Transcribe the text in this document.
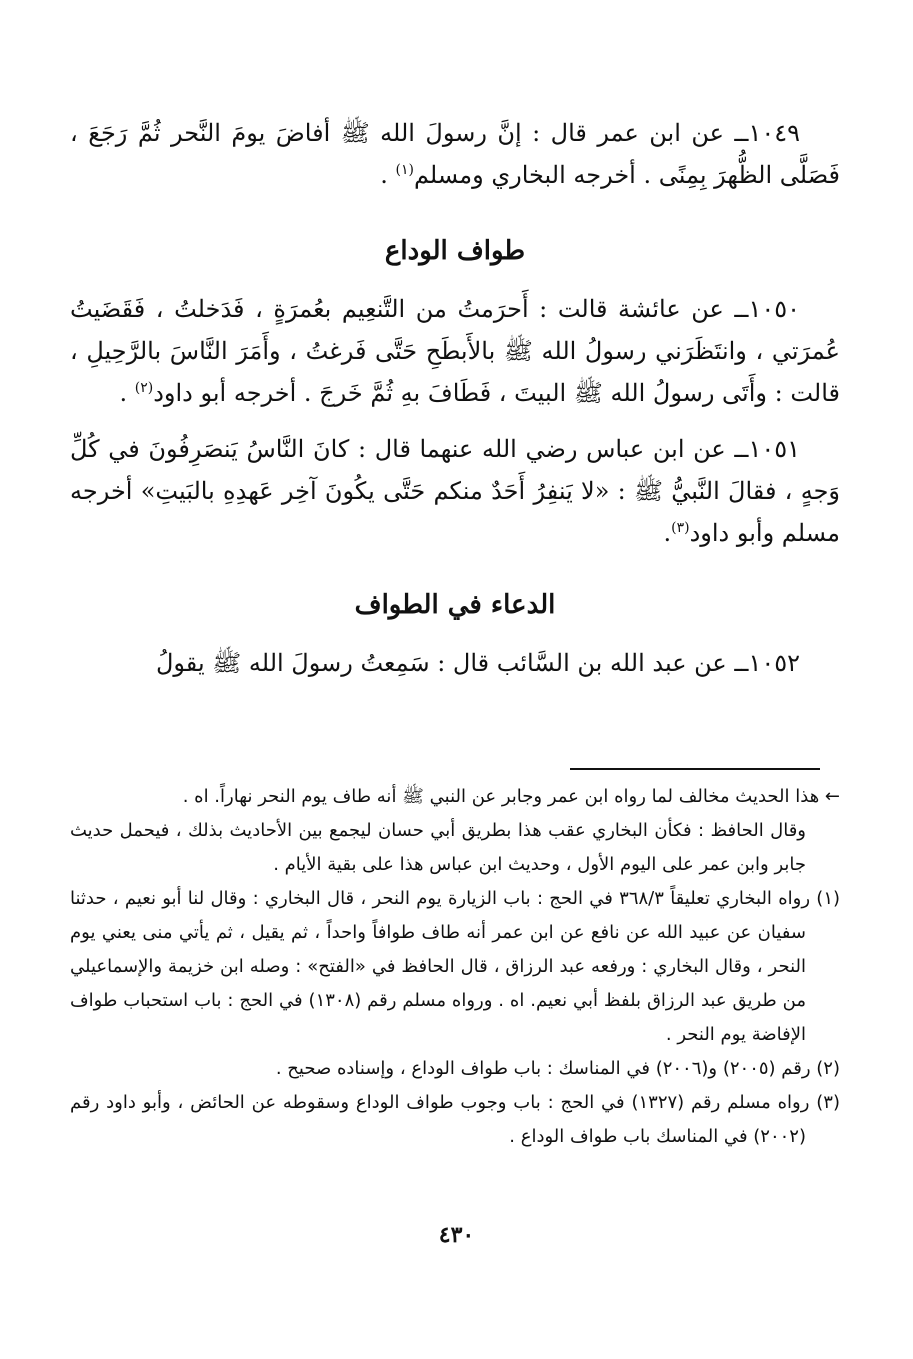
١٠٤٩ــ عن ابن عمر قال : إنَّ رسولَ الله ﷺ أفاضَ يومَ النَّحر ثُمَّ رَجَعَ ، فَصَلَّى الظُّهرَ بِمِنًى . أخرجه البخاري ومسلم$^{(١)}$ .

طواف الوداع

١٠٥٠ــ عن عائشة قالت : أَحرَمتُ من التَّنعِيم بعُمرَةٍ ، فَدَخلتُ ، فَقَضَيتُ عُمرَتي ، وانتَظَرَني رسولُ الله ﷺ بالأَبطَحِ حَتَّى فَرغتُ ، وأَمَرَ النَّاسَ بالرَّحِيلِ ، قالت : وأَتَى رسولُ الله ﷺ البيتَ ، فَطَافَ بهِ ثُمَّ خَرجَ . أخرجه أبو داود$^{(٢)}$ .

١٠٥١ــ عن ابن عباس رضي الله عنهما قال : كانَ النَّاسُ يَنصَرِفُونَ في كُلِّ وَجهٍ ، فقالَ النَّبيُّ ﷺ : «لا يَنفِرُ أَحَدٌ منكم حَتَّى يكُونَ آخِر عَهدِهِ بالبَيتِ» أخرجه مسلم وأبو داود$^{(٣)}$.

الدعاء في الطواف

١٠٥٢ــ عن عبد الله بن السَّائب قال : سَمِعتُ رسولَ الله ﷺ يقولُ

← هذا الحديث مخالف لما رواه ابن عمر وجابر عن النبي ﷺ أنه طاف يوم النحر نهاراً. اه .

وقال الحافظ : فكأن البخاري عقب هذا بطريق أبي حسان ليجمع بين الأحاديث بذلك ، فيحمل حديث جابر وابن عمر على اليوم الأول ، وحديث ابن عباس هذا على بقية الأيام .

(١) رواه البخاري تعليقاً ٣٦٨/٣ في الحج : باب الزيارة يوم النحر ، قال البخاري : وقال لنا أبو نعيم ، حدثنا سفيان عن عبيد الله عن نافع عن ابن عمر أنه طاف طوافاً واحداً ، ثم يقيل ، ثم يأتي منى يعني يوم النحر ، وقال البخاري : ورفعه عبد الرزاق ، قال الحافظ في «الفتح» : وصله ابن خزيمة والإسماعيلي من طريق عبد الرزاق بلفظ أبي نعيم. اه . ورواه مسلم رقم (١٣٠٨) في الحج : باب استحباب طواف الإفاضة يوم النحر .

(٢) رقم (٢٠٠٥) و(٢٠٠٦) في المناسك : باب طواف الوداع ، وإسناده صحيح .

(٣) رواه مسلم رقم (١٣٢٧) في الحج : باب وجوب طواف الوداع وسقوطه عن الحائض ، وأبو داود رقم (٢٠٠٢) في المناسك باب طواف الوداع .

٤٣٠
